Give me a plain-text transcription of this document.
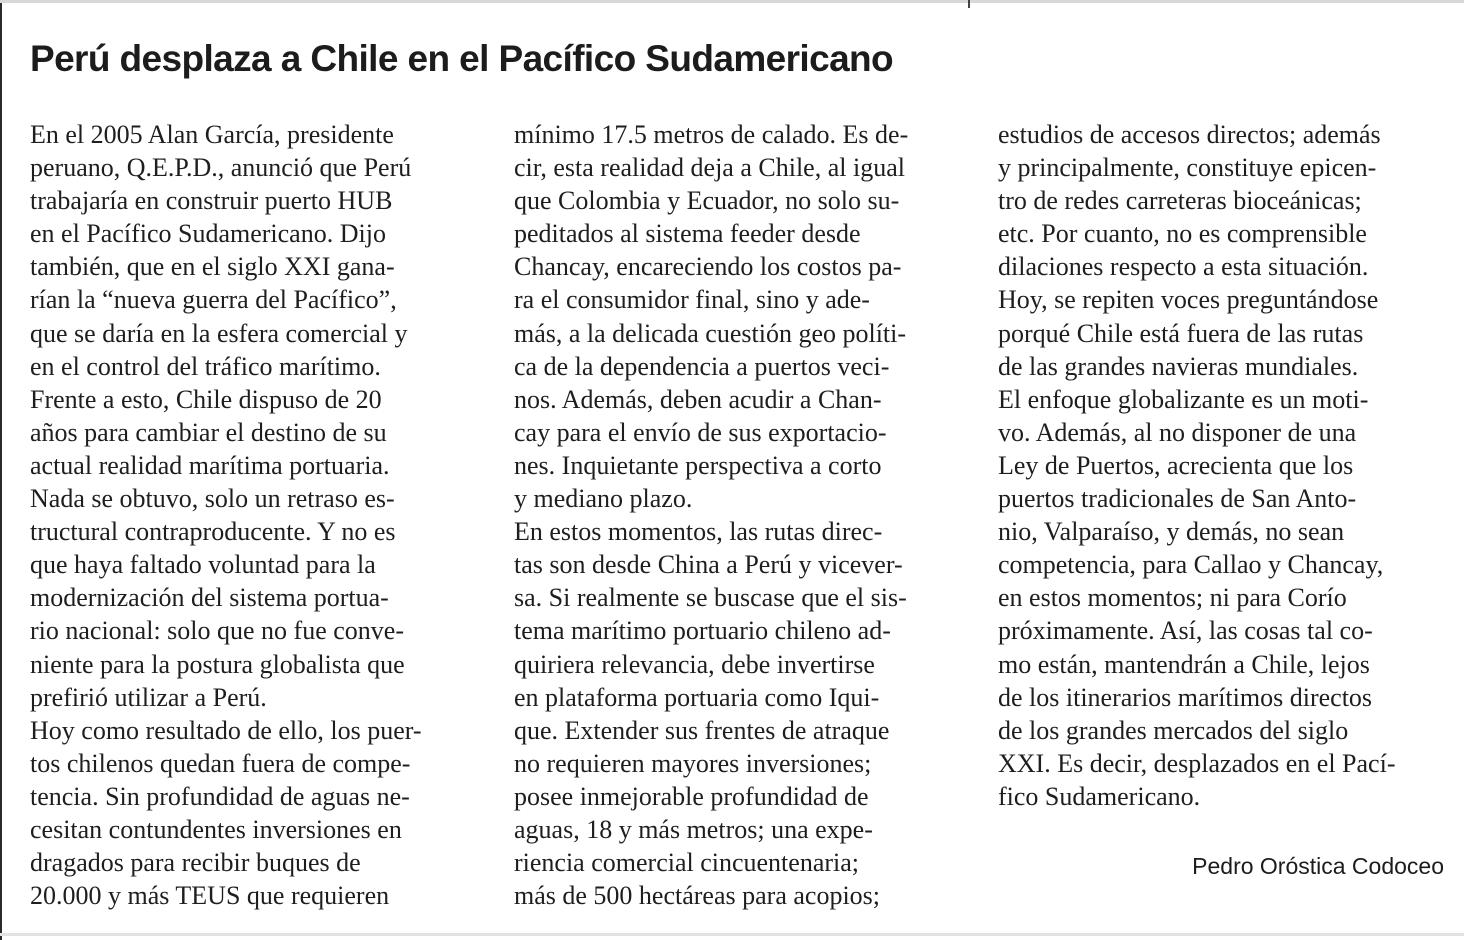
Perú desplaza a Chile en el Pacífico Sudamericano
En el 2005 Alan García, presidente
peruano, Q.E.P.D., anunció que Perú
trabajaría en construir puerto HUB
en el Pacífico Sudamericano. Dijo
también, que en el siglo XXI gana-
rían la “nueva guerra del Pacífico”,
que se daría en la esfera comercial y
en el control del tráfico marítimo.
Frente a esto, Chile dispuso de 20
años para cambiar el destino de su
actual realidad marítima portuaria.
Nada se obtuvo, solo un retraso es-
tructural contraproducente. Y no es
que haya faltado voluntad para la
modernización del sistema portua-
rio nacional: solo que no fue conve-
niente para la postura globalista que
prefirió utilizar a Perú.
Hoy como resultado de ello, los puer-
tos chilenos quedan fuera de compe-
tencia. Sin profundidad de aguas ne-
cesitan contundentes inversiones en
dragados para recibir buques de
20.000 y más TEUS que requieren
mínimo 17.5 metros de calado. Es de-
cir, esta realidad deja a Chile, al igual
que Colombia y Ecuador, no solo su-
peditados al sistema feeder desde
Chancay, encareciendo los costos pa-
ra el consumidor final, sino y ade-
más, a la delicada cuestión geo políti-
ca de la dependencia a puertos veci-
nos. Además, deben acudir a Chan-
cay para el envío de sus exportacio-
nes. Inquietante perspectiva a corto
y mediano plazo.
En estos momentos, las rutas direc-
tas son desde China a Perú y vicever-
sa. Si realmente se buscase que el sis-
tema marítimo portuario chileno ad-
quiriera relevancia, debe invertirse
en plataforma portuaria como Iqui-
que. Extender sus frentes de atraque
no requieren mayores inversiones;
posee inmejorable profundidad de
aguas, 18 y más metros; una expe-
riencia comercial cincuentenaria;
más de 500 hectáreas para acopios;
estudios de accesos directos; además
y principalmente, constituye epicen-
tro de redes carreteras bioceánicas;
etc. Por cuanto, no es comprensible
dilaciones respecto a esta situación.
Hoy, se repiten voces preguntándose
porqué Chile está fuera de las rutas
de las grandes navieras mundiales.
El enfoque globalizante es un moti-
vo. Además, al no disponer de una
Ley de Puertos, acrecienta que los
puertos tradicionales de San Anto-
nio, Valparaíso, y demás, no sean
competencia, para Callao y Chancay,
en estos momentos; ni para Corío
próximamente. Así, las cosas tal co-
mo están, mantendrán a Chile, lejos
de los itinerarios marítimos directos
de los grandes mercados del siglo
XXI. Es decir, desplazados en el Pací-
fico Sudamericano.
Pedro Oróstica Codoceo
